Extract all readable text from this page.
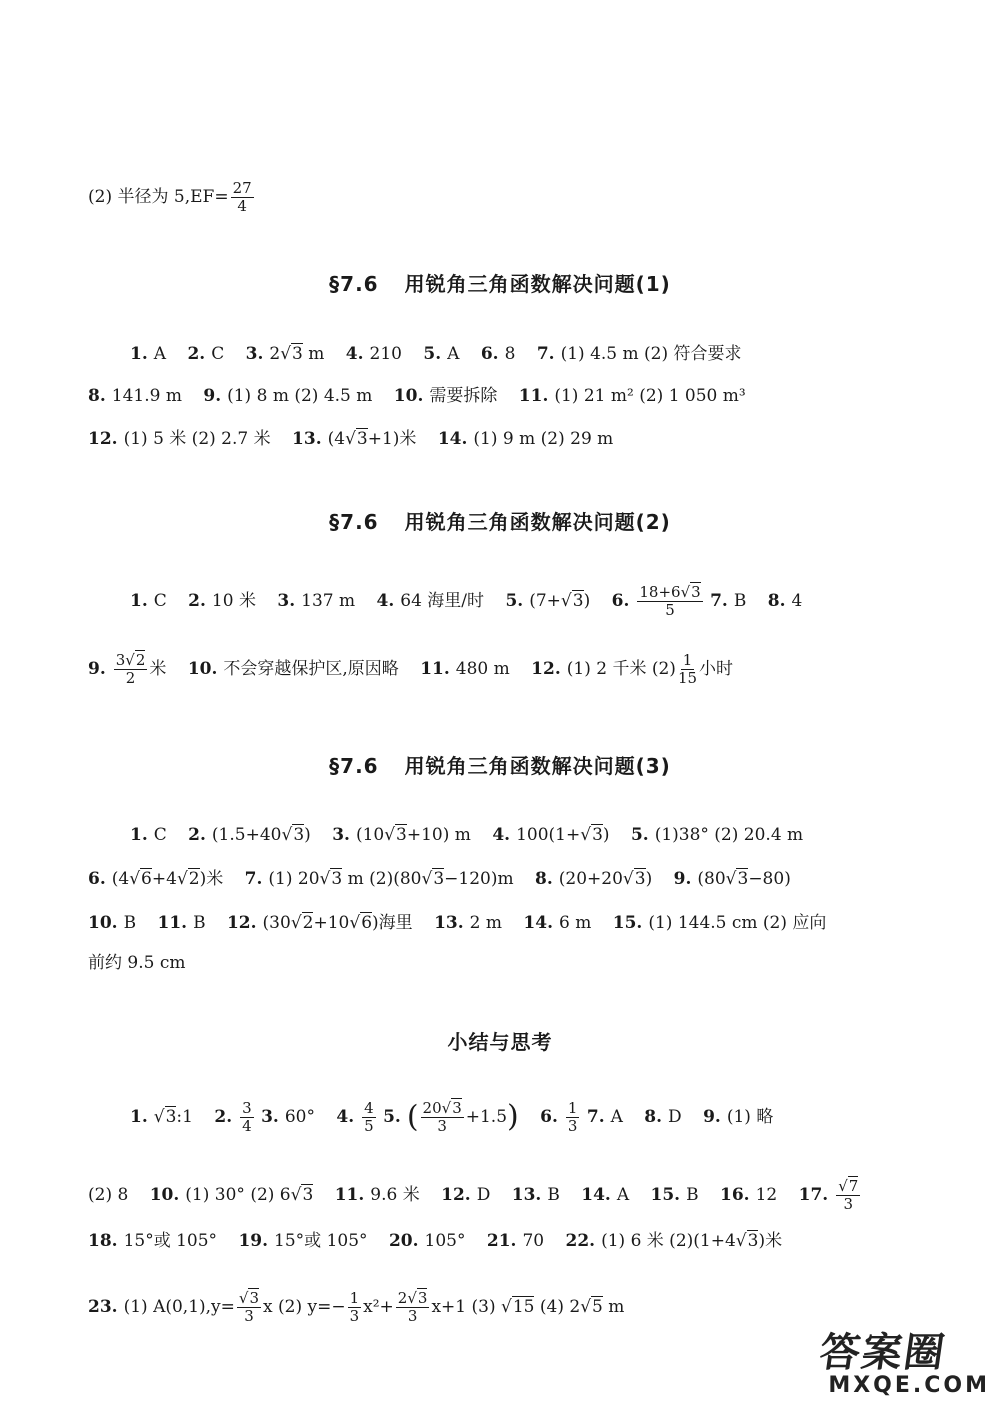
(2) 半径为 $5,EF= \frac{27}{4}$
§7.6 用锐角三角函数解决问题(1)
1. A 2. C 3. 2√3 m 4. 210 5. A 6. 8 7. (1) 4.5 m (2) 符合要求
8. 141.9 m 9. (1) 8 m (2) 4.5 m 10. 需要拆除 11. (1) 21 m² (2) 1 050 m³
12. (1) 5 米 (2) 2.7 米 13. (4√3+1)米 14. (1) 9 m (2) 29 m
§7.6 用锐角三角函数解决问题(2)
1. C 2. 10 米 3. 137 m 4. 64 海里/时 5. (7+√3) 6. $\frac{18+6√3}{5} 7$. B 8. 4
9. $\frac{3√2}{2}$ 米 10. 不会穿越保护区,原因略 11. 480 m 12. (1) 2 千米 $(2) \frac{1}{15}$ 小时
§7.6 用锐角三角函数解决问题(3)
1. C 2. (1.5+40√3) 3. (10√3+10) m 4. 100(1+√3) 5. (1)38° (2) 20.4 m
6. (4√6+4√2)米 7. (1) 20√3 m (2)(80√3−120)m 8. (20+20√3) 9. (80√3−80)
10. B 11. B 12. (30√2+10√6)海里 13. 2 m 14. 6 m 15. (1) 144.5 cm (2) 应向
前约 9.5 cm
小结与思考
1. √3:1 2. $\frac{3}{4} 3$. 60° 4. $\frac{4}{5} 5$. ( $\frac{20√3}{3} +1.5$) 6. $\frac{1}{3} 7$. A 8. D 9. (1) 略
(2) 8 10. (1) 30° (2) 6√3 11. 9.6 米 12. D 13. B 14. A 15. B 16. 12 17. $\frac{√7}{3}$
18. 15°或 105° 19. 15°或 105° 20. 105° 21. 70 22. (1) 6 米 (2)(1+4√3)米
23. (1) $A(0,1),y= \frac{√3}{3}$ x (2) $y=- \frac{1}{3} x^2+ \frac{2√3}{3} x+1$ (3) √15 (4) 2√5 m
答案圈
MXQE.COM
